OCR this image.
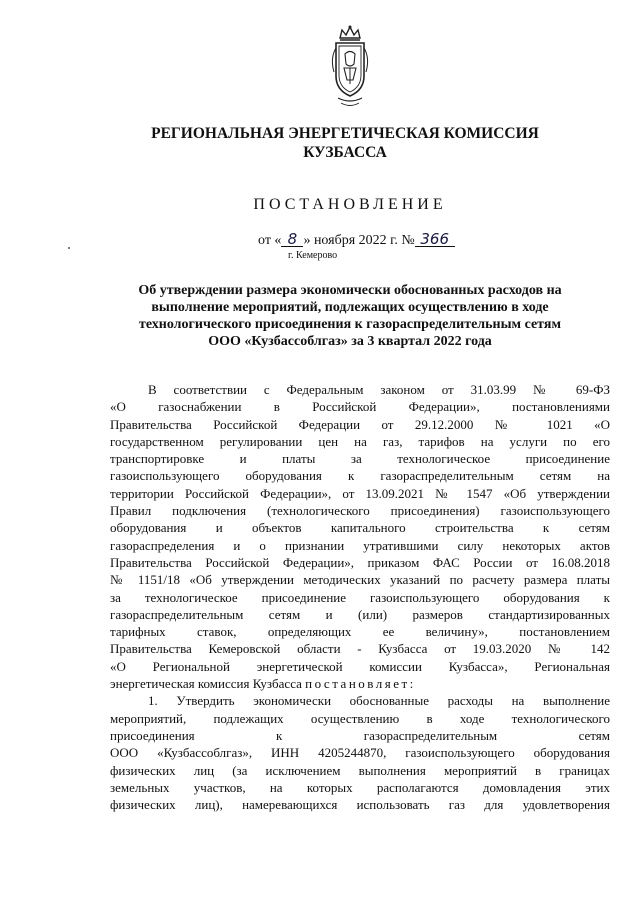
РЕГИОНАЛЬНАЯ ЭНЕРГЕТИЧЕСКАЯ КОМИССИЯ
КУЗБАССА
ПОСТАНОВЛЕНИЕ
от « 8 » ноября 2022 г. № 366
г. Кемерово
Об утверждении размера экономически обоснованных расходов на
выполнение мероприятий, подлежащих осуществлению в ходе
технологического присоединения к газораспределительным сетям
ООО «Кузбассоблгаз» за 3 квартал 2022 года
В соответствии с Федеральным законом от 31.03.99 № 69-ФЗ
«О газоснабжении в Российской Федерации», постановлениями
Правительства Российской Федерации от 29.12.2000 № 1021 «О
государственном регулировании цен на газ, тарифов на услуги по его
транспортировке и платы за технологическое присоединение
газоиспользующего оборудования к газораспределительным сетям на
территории Российской Федерации», от 13.09.2021 № 1547 «Об утверждении
Правил подключения (технологического присоединения) газоиспользующего
оборудования и объектов капитального строительства к сетям
газораспределения и о признании утратившими силу некоторых актов
Правительства Российской Федерации», приказом ФАС России от 16.08.2018
№ 1151/18 «Об утверждении методических указаний по расчету размера платы
за технологическое присоединение газоиспользующего оборудования к
газораспределительным сетям и (или) размеров стандартизированных
тарифных ставок, определяющих ее величину», постановлением
Правительства Кемеровской области - Кузбасса от 19.03.2020 № 142
«О Региональной энергетической комиссии Кузбасса», Региональная
энергетическая комиссия Кузбасса постановляет:
1. Утвердить экономически обоснованные расходы на выполнение
мероприятий, подлежащих осуществлению в ходе технологического
присоединения к газораспределительным сетям
ООО «Кузбассоблгаз», ИНН 4205244870, газоиспользующего оборудования
физических лиц (за исключением выполнения мероприятий в границах
земельных участков, на которых располагаются домовладения этих
физических лиц), намеревающихся использовать газ для удовлетворения
